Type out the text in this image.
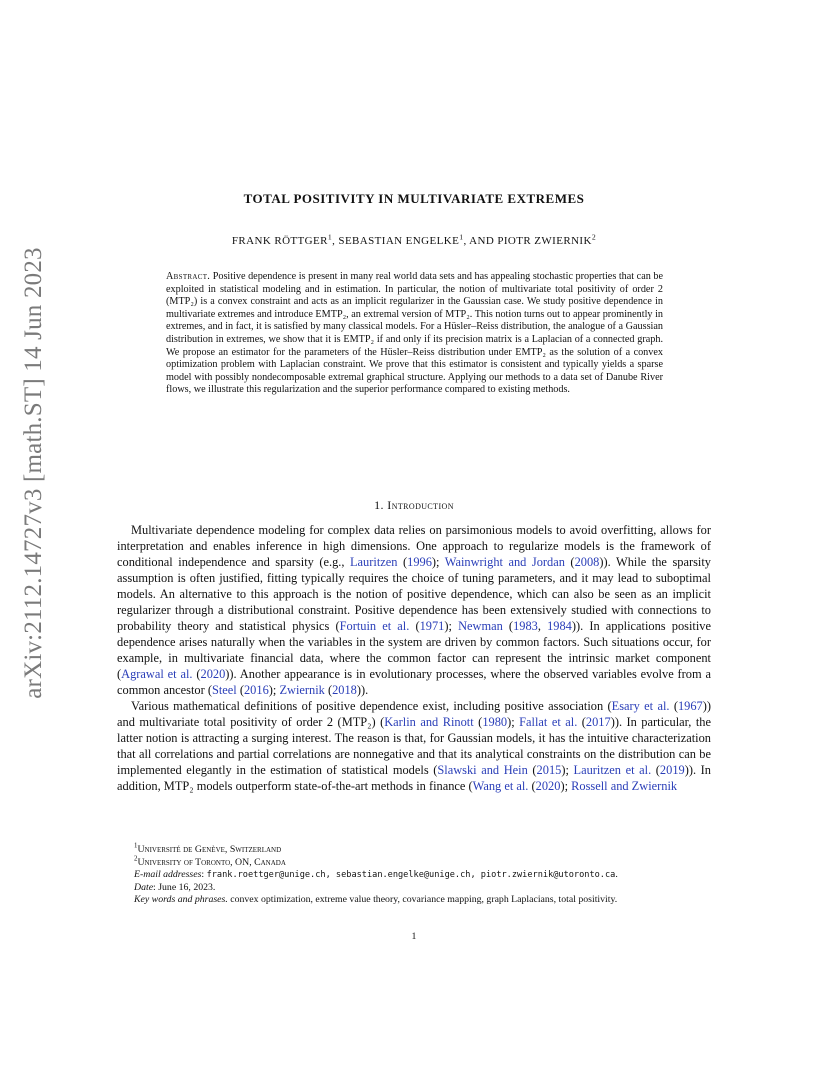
arXiv:2112.14727v3 [math.ST] 14 Jun 2023
TOTAL POSITIVITY IN MULTIVARIATE EXTREMES
FRANK RÖTTGER$^1$, SEBASTIAN ENGELKE$^1$, AND PIOTR ZWIERNIK$^2$
Abstract. Positive dependence is present in many real world data sets and has appealing stochastic properties that can be exploited in statistical modeling and in estimation. In particular, the notion of multivariate total positivity of order 2 (MTP₂) is a convex constraint and acts as an implicit regularizer in the Gaussian case. We study positive dependence in multivariate extremes and introduce EMTP₂, an extremal version of MTP₂. This notion turns out to appear prominently in extremes, and in fact, it is satisfied by many classical models. For a Hüsler–Reiss distribution, the analogue of a Gaussian distribution in extremes, we show that it is EMTP₂ if and only if its precision matrix is a Laplacian of a connected graph. We propose an estimator for the parameters of the Hüsler–Reiss distribution under EMTP₂ as the solution of a convex optimization problem with Laplacian constraint. We prove that this estimator is consistent and typically yields a sparse model with possibly nondecomposable extremal graphical structure. Applying our methods to a data set of Danube River flows, we illustrate this regularization and the superior performance compared to existing methods.
1. Introduction

Multivariate dependence modeling for complex data relies on parsimonious models to avoid overfitting, allows for interpretation and enables inference in high dimensions. One approach to regularize models is the framework of conditional independence and sparsity (e.g., Lauritzen (1996); Wainwright and Jordan (2008)). While the sparsity assumption is often justified, fitting typically requires the choice of tuning parameters, and it may lead to suboptimal models. An alternative to this approach is the notion of positive dependence, which can also be seen as an implicit regularizer through a distributional constraint. Positive dependence has been extensively studied with connections to probability theory and statistical physics (Fortuin et al. (1971); Newman (1983, 1984)). In applications positive dependence arises naturally when the variables in the system are driven by common factors. Such situations occur, for example, in multivariate financial data, where the common factor can represent the intrinsic market component (Agrawal et al. (2020)). Another appearance is in evolutionary processes, where the observed variables evolve from a common ancestor (Steel (2016); Zwiernik (2018)).

Various mathematical definitions of positive dependence exist, including positive association (Esary et al. (1967)) and multivariate total positivity of order 2 (MTP₂) (Karlin and Rinott (1980); Fallat et al. (2017)). In particular, the latter notion is attracting a surging interest. The reason is that, for Gaussian models, it has the intuitive characterization that all correlations and partial correlations are nonnegative and that its analytical constraints on the distribution can be implemented elegantly in the estimation of statistical models (Slawski and Hein (2015); Lauritzen et al. (2019)). In addition, MTP₂ models outperform state-of-the-art methods in finance (Wang et al. (2020); Rossell and Zwiernik

$^1$Université de Genève, Switzerland

$^2$University of Toronto, ON, Canada

E-mail addresses: frank.roettger@unige.ch, sebastian.engelke@unige.ch, piotr.zwiernik@utoronto.ca.

Date: June 16, 2023.

Key words and phrases. convex optimization, extreme value theory, covariance mapping, graph Laplacians, total positivity.

1
